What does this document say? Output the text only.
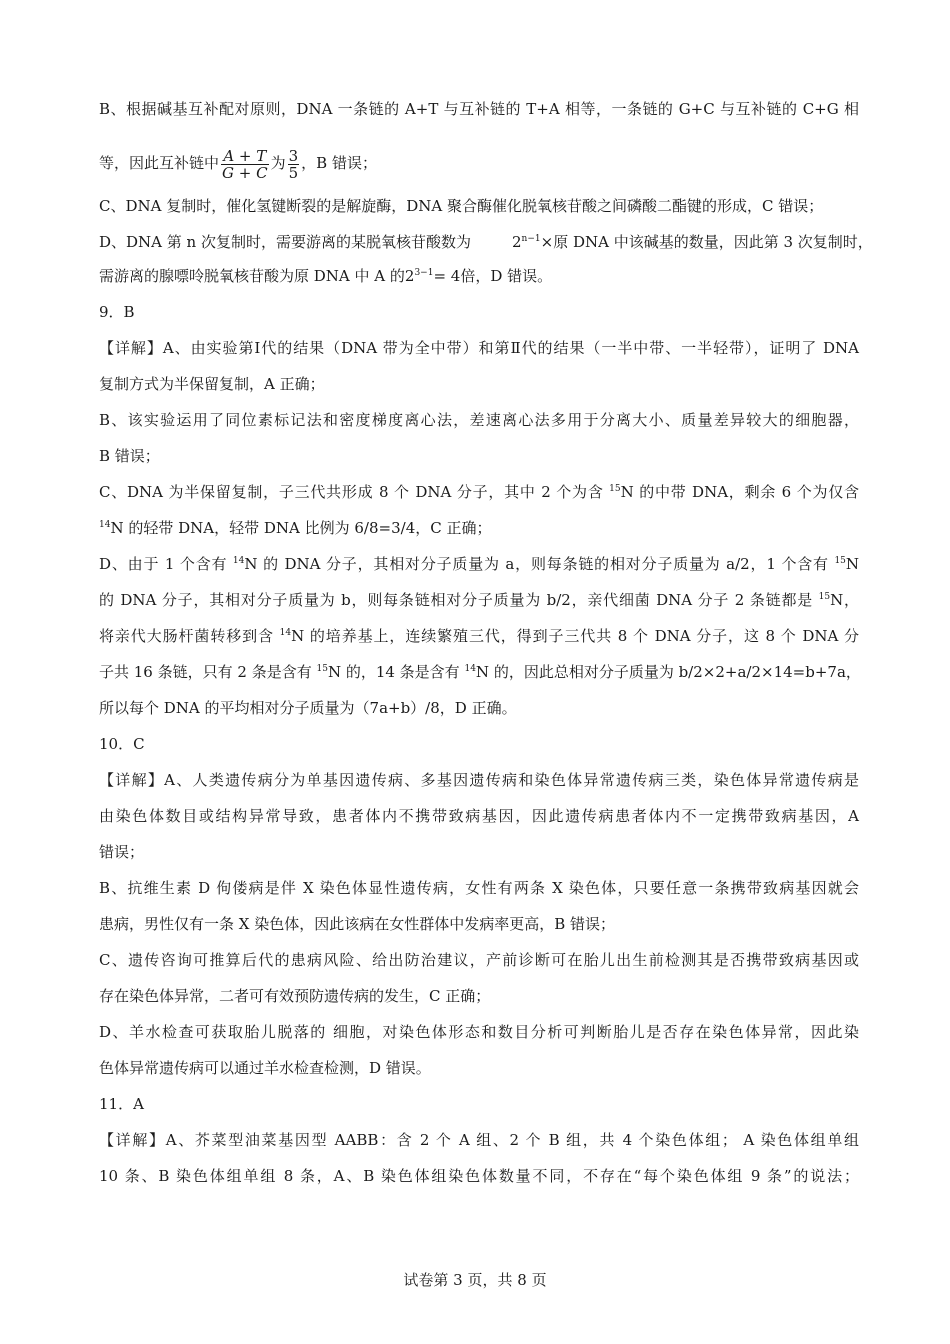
B、根据碱基互补配对原则，DNA 一条链的 A+T 与互补链的 T+A 相等，一条链的 G+C 与互补链的 C+G 相
D、DNA 第 n 次复制时，需要游离的某脱氧核苷酸数为
9．B
【详解】A、由实验第Ⅰ代的结果（DNA 带为全中带）和第Ⅱ代的结果（一半中带、一半轻带），证明了 DNA
复制方式为半保留复制，A 正确；
B、该实验运用了同位素标记法和密度梯度离心法，差速离心法多用于分离大小、质量差异较大的细胞器，
B 错误；
10．C
【详解】A、人类遗传病分为单基因遗传病、多基因遗传病和染色体异常遗传病三类，染色体异常遗传病是
由染色体数目或结构异常导致，患者体内不携带致病基因，因此遗传病患者体内不一定携带致病基因，A
错误；
B、抗维生素 D 佝偻病是伴 X 染色体显性遗传病，女性有两条 X 染色体，只要任意一条携带致病基因就会
患病，男性仅有一条 X 染色体，因此该病在女性群体中发病率更高，B 错误；
C、遗传咨询可推算后代的患病风险、给出防治建议，产前诊断可在胎儿出生前检测其是否携带致病基因或
存在染色体异常，二者可有效预防遗传病的发生，C 正确；
D、羊水检查可获取胎儿脱落的 细胞，对染色体形态和数目分析可判断胎儿是否存在染色体异常，因此染
色体异常遗传病可以通过羊水检查检测，D 错误。
11．A
【详解】A、芥菜型油菜基因型 AABB：含 2 个 A 组、2 个 B 组，共 4 个染色体组； A 染色体组单组
10 条、B 染色体组单组 8 条，A、B 染色体组染色体数量不同，不存在“每个染色体组 9 条”的说法；
等，因此互补链中 $\frac{A + T}{G + C}$ 为 $\frac{3}{5}$ ，B 错误；
C、DNA 复制时，催化氢键断裂的是解旋酶，DNA 聚合酶催化脱氧核苷酸之间磷酸二酯键的形成，C 错误；
$2^{n-1}\times$原 DNA 中该碱基的数量，因此第 3 次复制时，
需游离的腺嘌呤脱氧核苷酸为原 DNA 中 A 的$2^{3-1}= 4$倍，D 错误。
C、DNA 为半保留复制，子三代共形成 8 个 DNA 分子，其中 2 个为含 $^{15}$N 的中带 DNA，剩余 6 个为仅含
$^{14}$N 的轻带 DNA，轻带 DNA 比例为 6/8=3/4，C 正确；
D、由于 1 个含有 $^{14}$N 的 DNA 分子，其相对分子质量为 a，则每条链的相对分子质量为 a/2，1 个含有 $^{15}$N
的 DNA 分子，其相对分子质量为 b，则每条链相对分子质量为 b/2，亲代细菌 DNA 分子 2 条链都是 $^{15}$N，
将亲代大肠杆菌转移到含 $^{14}$N 的培养基上，连续繁殖三代，得到子三代共 8 个 DNA 分子，这 8 个 DNA 分
子共 16 条链，只有 2 条是含有 $^{15}$N 的，14 条是含有 $^{14}$N 的，因此总相对分子质量为 b/2×2+a/2×14=b+7a，
所以每个 DNA 的平均相对分子质量为（7a+b）/8，D 正确。
试卷第 3 页，共 8 页
